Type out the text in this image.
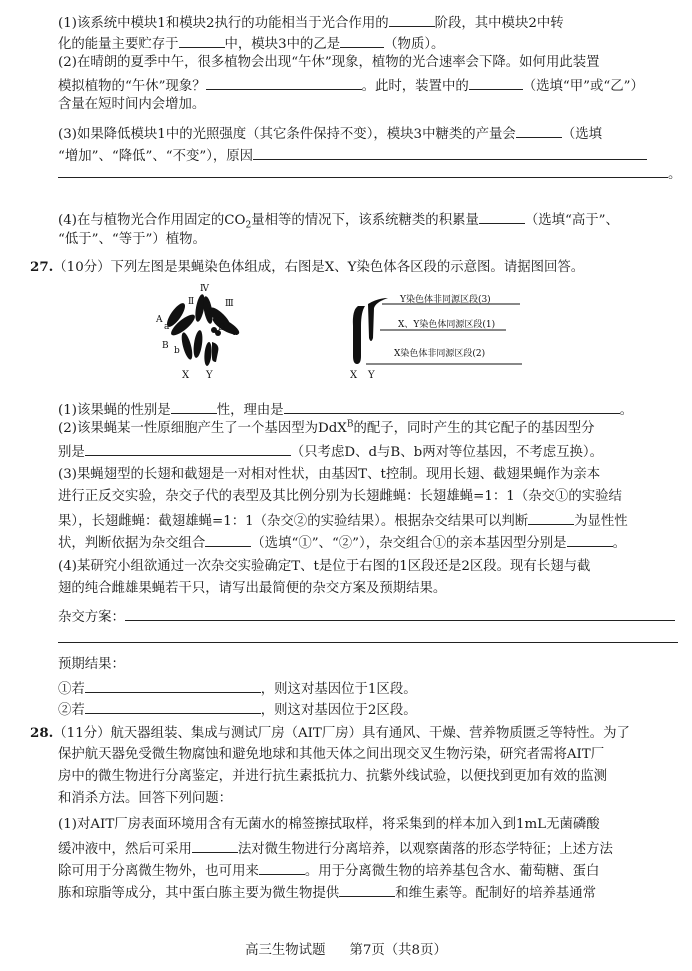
(1)该系统中模块1和模块2执行的功能相当于光合作用的	阶段，其中模块2中转
化的能量主要贮存于	中，模块3中的乙是	（物质）。
(2)在晴朗的夏季中午，很多植物会出现“午休”现象，植物的光合速率会下降。如何用此装置
模拟植物的“午休”现象？	。此时，装置中的	（选填“甲”或“乙”）
含量在短时间内会增加。
(3)如果降低模块1中的光照强度（其它条件保持不变），模块3中糖类的产量会	（选填
“增加”、“降低”、“不变”），原因
。
(4)在与植物光合作用固定的$CO_2$量相等的情况下，该系统糖类的积累量	（选填“高于”、
“低于”、“等于”）植物。
27.（10分）下列左图是果蝇染色体组成，右图是X、Y染色体各区段的示意图。请据图回答。
Ⅳ
Ⅱ	Ⅲ
A
a	D d
B b
X Y
Y染色体非同源区段(3)
X、Y染色体同源区段(1)
X染色体非同源区段(2)
X Y
(1)该果蝇的性别是	性，理由是	。
(2)该果蝇某一性原细胞产生了一个基因型为DdX$^B$的配子，同时产生的其它配子的基因型分
别是	（只考虑D、d与B、b两对等位基因，不考虑互换）。
(3)果蝇翅型的长翅和截翅是一对相对性状，由基因T、t控制。现用长翅、截翅果蝇作为亲本
进行正反交实验，杂交子代的表型及其比例分别为长翅雌蝇：长翅雄蝇=1：1（杂交①的实验结
果），长翅雌蝇：截翅雄蝇=1：1（杂交②的实验结果）。根据杂交结果可以判断	为显性性
状，判断依据为杂交组合	（选填“①”、“②”），杂交组合①的亲本基因型分别是	。
(4)某研究小组欲通过一次杂交实验确定T、t是位于右图的1区段还是2区段。现有长翅与截
翅的纯合雌雄果蝇若干只，请写出最简便的杂交方案及预期结果。
杂交方案：
预期结果：
①若	，则这对基因位于1区段。
②若	，则这对基因位于2区段。
28.（11分）航天器组装、集成与测试厂房（AIT厂房）具有通风、干燥、营养物质匮乏等特性。为了
保护航天器免受微生物腐蚀和避免地球和其他天体之间出现交叉生物污染，研究者需将AIT厂
房中的微生物进行分离鉴定，并进行抗生素抵抗力、抗紫外线试验，以便找到更加有效的监测
和消杀方法。回答下列问题：
(1)对AIT厂房表面环境用含有无菌水的棉签擦拭取样，将采集到的样本加入到1mL无菌磷酸
缓冲液中，然后可采用	法对微生物进行分离培养，以观察菌落的形态学特征；上述方法
除可用于分离微生物外，也可用来	。用于分离微生物的培养基包含水、葡萄糖、蛋白
胨和琼脂等成分，其中蛋白胨主要为微生物提供	和维生素等。配制好的培养基通常
高三生物试题 第7页（共8页）
